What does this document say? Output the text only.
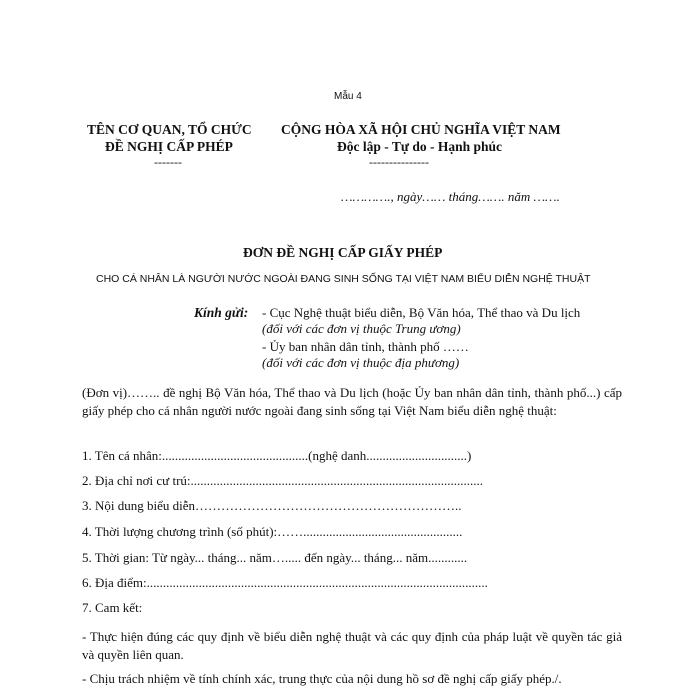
Mẫu 4
TÊN CƠ QUAN, TỔ CHỨC
ĐỀ NGHỊ CẤP PHÉP
-------
CỘNG HÒA XÃ HỘI CHỦ NGHĨA VIỆT NAM
Độc lập - Tự do - Hạnh phúc
---------------
…………., ngày…… tháng……. năm …….
ĐƠN ĐỀ NGHỊ CẤP GIẤY PHÉP
CHO CÁ NHÂN LÀ NGƯỜI NƯỚC NGOÀI ĐANG SINH SỐNG TẠI VIỆT NAM BIỂU DIỄN NGHỆ THUẬT
Kính gửi: - Cục Nghệ thuật biểu diễn, Bộ Văn hóa, Thể thao và Du lịch
(đối với các đơn vị thuộc Trung ương)
- Ủy ban nhân dân tỉnh, thành phố ……
(đối với các đơn vị thuộc địa phương)
(Đơn vị)…….. đề nghị Bộ Văn hóa, Thể thao và Du lịch (hoặc Ủy ban nhân dân tỉnh, thành phố...) cấp giấy phép cho cá nhân người nước ngoài đang sinh sống tại Việt Nam biểu diễn nghệ thuật:
1. Tên cá nhân:.............................................(nghệ danh...............................)
2. Địa chỉ nơi cư trú:..........................................................................................
3. Nội dung biểu diễn……………………………………………………..
4. Thời lượng chương trình (số phút):…….................................................
5. Thời gian: Từ ngày... tháng... năm…..... đến ngày... tháng... năm............
6. Địa điểm:.........................................................................................................
7. Cam kết:
- Thực hiện đúng các quy định về biểu diễn nghệ thuật và các quy định của pháp luật về quyền tác giả và quyền liên quan.
- Chịu trách nhiệm về tính chính xác, trung thực của nội dung hồ sơ đề nghị cấp giấy phép./.
